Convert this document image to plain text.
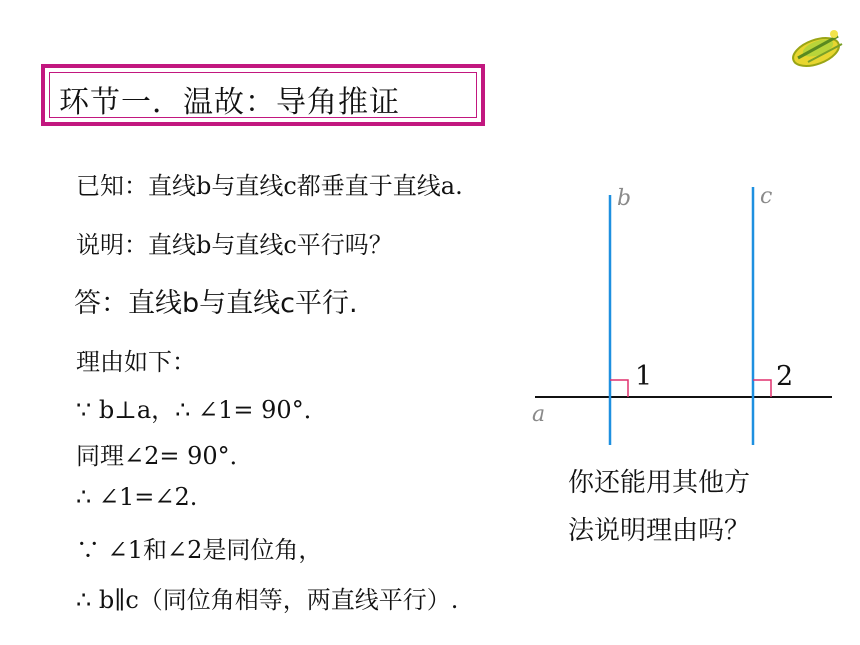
环节一．温故：导角推证
已知：直线b与直线c都垂直于直线a.
说明：直线b与直线c平行吗？
答：直线b与直线c平行.
理由如下：
∵ b⊥a，∴ ∠1= 90°．
同理∠2= 90°．
∴ ∠1=∠2.
∵ ∠1和∠2是同位角，
∴ b∥c（同位角相等，两直线平行）.
b	c
a
1	2
你还能用其他方
法说明理由吗？
